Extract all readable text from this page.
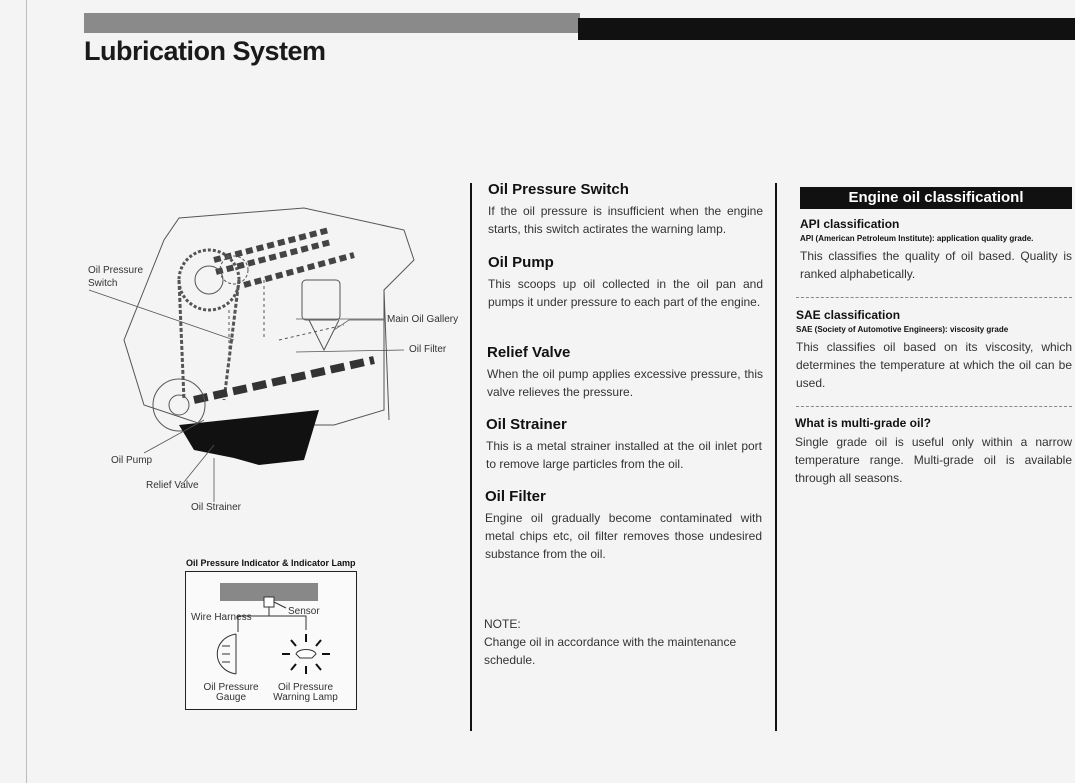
Lubrication System
Oil Pressure
Switch
Main Oil Gallery
Oil Filter
Oil Pump
Relief Valve
Oil Strainer
Oil Pressure Indicator & Indicator Lamp
Sensor
Wire Harness
Oil Pressure
Gauge
Oil Pressure
Warning Lamp
Oil Pressure Switch

If the oil pressure is insufficient when the engine starts, this switch actirates the warning lamp.

Oil Pump

This scoops up oil collected in the oil pan and pumps it under pressure to each part of the engine.

Relief Valve

When the oil pump applies excessive pressure, this valve relieves the pressure.

Oil Strainer

This is a metal strainer installed at the oil inlet port to remove large particles from the oil.

Oil Filter

Engine oil gradually become contaminated with metal chips etc, oil filter removes those undesired substance from the oil.

NOTE:

Change oil in accordance with the maintenance schedule.

Engine oil classificationl
API classification
API (American Petroleum Institute): application quality grade.

This classifies the quality of oil based. Quality is ranked alphabetically.

SAE classification
SAE (Society of Automotive Engineers): viscosity grade

This classifies oil based on its viscosity, which determines the temperature at which the oil can be used.

What is multi-grade oil?

Single grade oil is useful only within a narrow temperature range. Multi-grade oil is available through all seasons.
